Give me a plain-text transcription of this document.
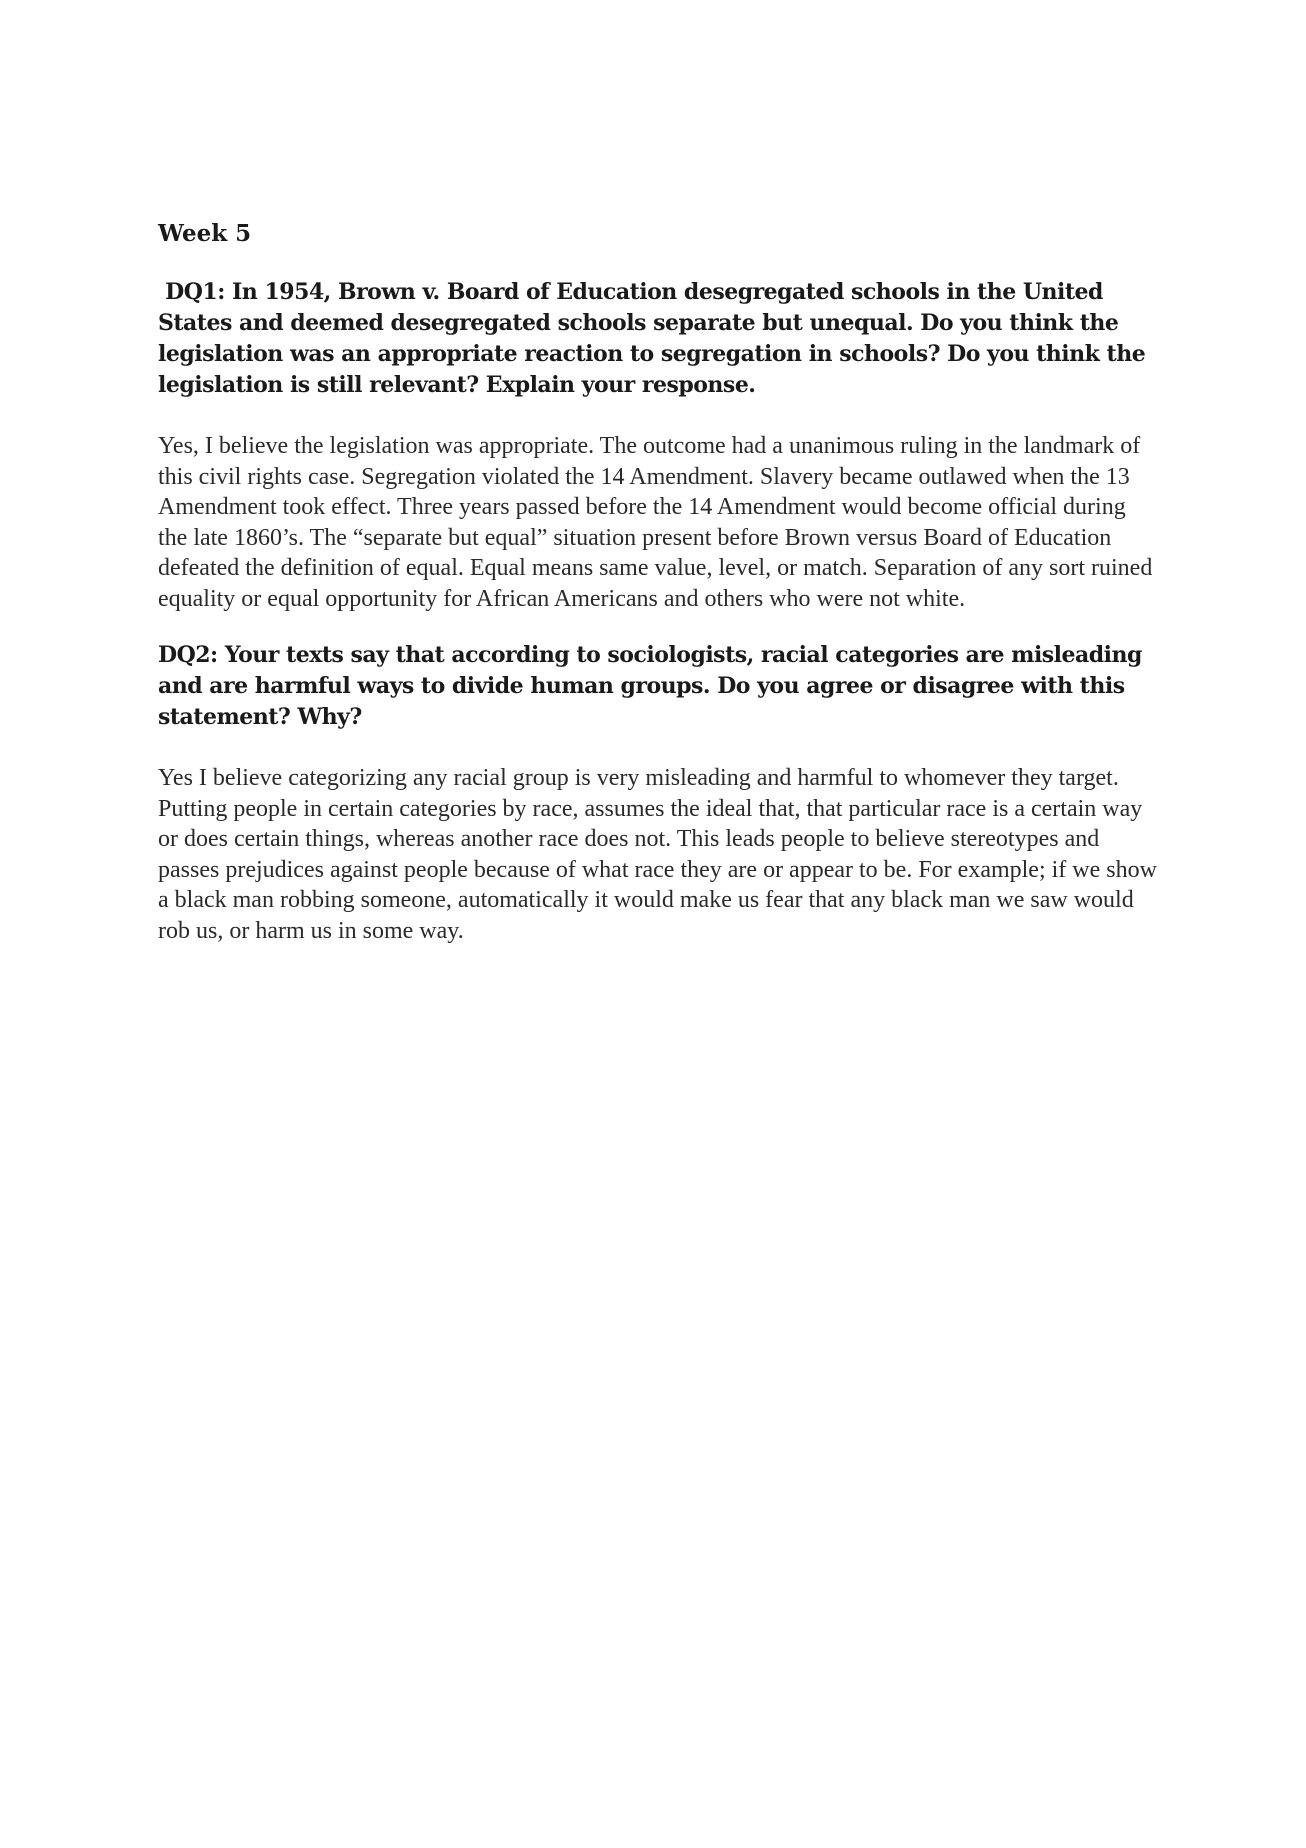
Week 5

DQ1: In 1954, Brown v. Board of Education desegregated schools in the United States and deemed desegregated schools separate but unequal. Do you think the legislation was an appropriate reaction to segregation in schools? Do you think the legislation is still relevant? Explain your response.

Yes, I believe the legislation was appropriate. The outcome had a unanimous ruling in the landmark of this civil rights case. Segregation violated the 14 Amendment. Slavery became outlawed when the 13 Amendment took effect. Three years passed before the 14 Amendment would become official during the late 1860’s. The “separate but equal” situation present before Brown versus Board of Education defeated the definition of equal. Equal means same value, level, or match. Separation of any sort ruined equality or equal opportunity for African Americans and others who were not white.

DQ2: Your texts say that according to sociologists, racial categories are misleading and are harmful ways to divide human groups. Do you agree or disagree with this statement? Why?

Yes I believe categorizing any racial group is very misleading and harmful to whomever they target. Putting people in certain categories by race, assumes the ideal that, that particular race is a certain way or does certain things, whereas another race does not. This leads people to believe stereotypes and passes prejudices against people because of what race they are or appear to be. For example; if we show a black man robbing someone, automatically it would make us fear that any black man we saw would rob us, or harm us in some way.
